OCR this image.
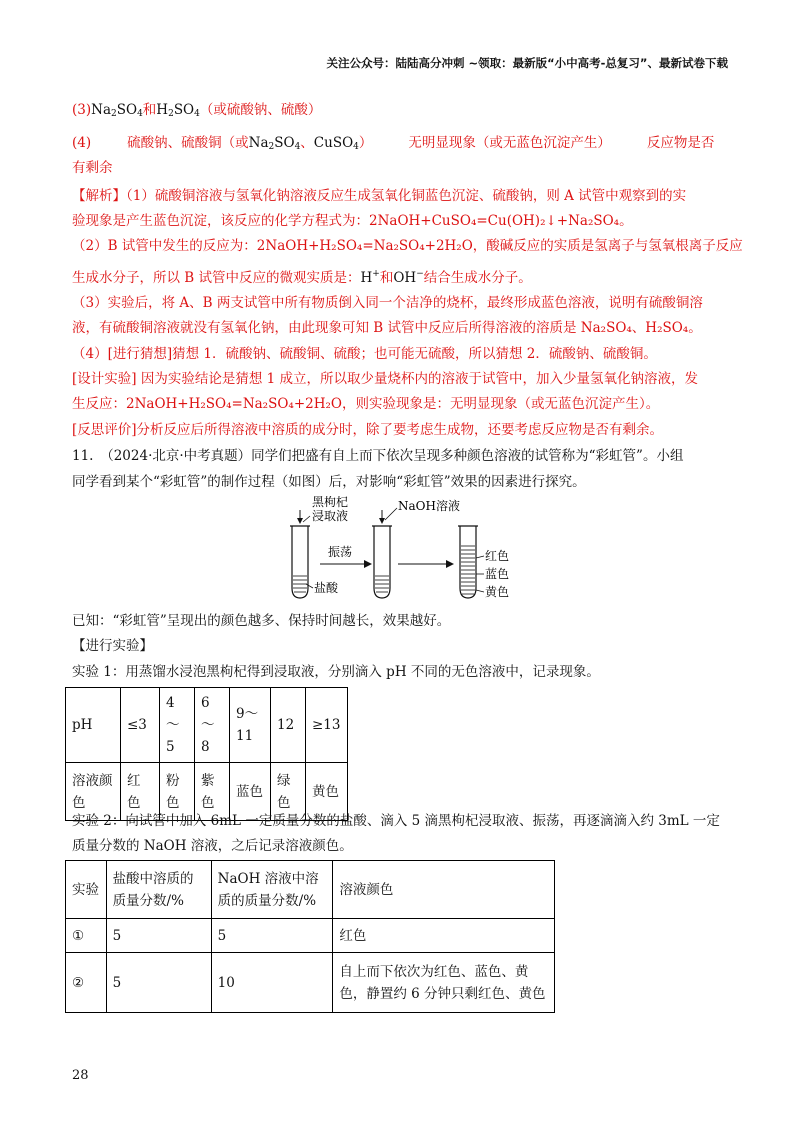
关注公众号：陆陆高分冲刺 ~领取：最新版“小中高考-总复习”、最新试卷下载
$(3)Na_2SO_4$和$H_2SO_4$（或硫酸钠、硫酸）
(4)	硫酸钠、硫酸铜（或$Na_2SO_4$、CuSO$_4$）	无明显现象（或无蓝色沉淀产生）	反应物是否
有剩余
【解析】（1）硫酸铜溶液与氢氧化钠溶液反应生成氢氧化铜蓝色沉淀、硫酸钠，则 A 试管中观察到的实
验现象是产生蓝色沉淀，该反应的化学方程式为：2NaOH+CuSO₄=Cu(OH)₂↓+Na₂SO₄。
（2）B 试管中发生的反应为：2NaOH+H₂SO₄=Na₂SO₄+2H₂O，酸碱反应的实质是氢离子与氢氧根离子反应
生成水分子，所以 B 试管中反应的微观实质是：H+和OH−结合生成水分子。
（3）实验后，将 A、B 两支试管中所有物质倒入同一个洁净的烧杯，最终形成蓝色溶液，说明有硫酸铜溶
液，有硫酸铜溶液就没有氢氧化钠，由此现象可知 B 试管中反应后所得溶液的溶质是 Na₂SO₄、H₂SO₄。
（4）[进行猜想]猜想 1．硫酸钠、硫酸铜、硫酸；也可能无硫酸，所以猜想 2．硫酸钠、硫酸铜。
[设计实验] 因为实验结论是猜想 1 成立，所以取少量烧杯内的溶液于试管中，加入少量氢氧化钠溶液，发
生反应：2NaOH+H₂SO₄=Na₂SO₄+2H₂O，则实验现象是：无明显现象（或无蓝色沉淀产生）。
[反思评价]分析反应后所得溶液中溶质的成分时，除了要考虑生成物，还要考虑反应物是否有剩余。
11.　（2024·北京·中考真题）同学们把盛有自上而下依次呈现多种颜色溶液的试管称为“彩虹管”。小组
同学看到某个“彩虹管”的制作过程（如图）后，对影响“彩虹管”效果的因素进行探究。
黑枸杞
浸取液
盐酸
振荡
NaOH溶液
红色
蓝色
黄色
已知：“彩虹管”呈现出的颜色越多、保持时间越长，效果越好。
【进行实验】
实验 1：用蒸馏水浸泡黑枸杞得到浸取液，分别滴入 pH 不同的无色溶液中，记录现象。
pH	≤3	4～5	6～8	9～11	12	≥13
溶液颜色	红色	粉色	紫色	蓝色	绿色	黄色
实验 2：向试管中加入 6mL 一定质量分数的盐酸、滴入 5 滴黑枸杞浸取液、振荡，再逐滴滴入约 3mL 一定
质量分数的 NaOH 溶液，之后记录溶液颜色。
实验	盐酸中溶质的质量分数/%	NaOH 溶液中溶质的质量分数/%	溶液颜色
①	5	5	红色
②	5	10	自上而下依次为红色、蓝色、黄色，静置约 6 分钟只剩红色、黄色
28
